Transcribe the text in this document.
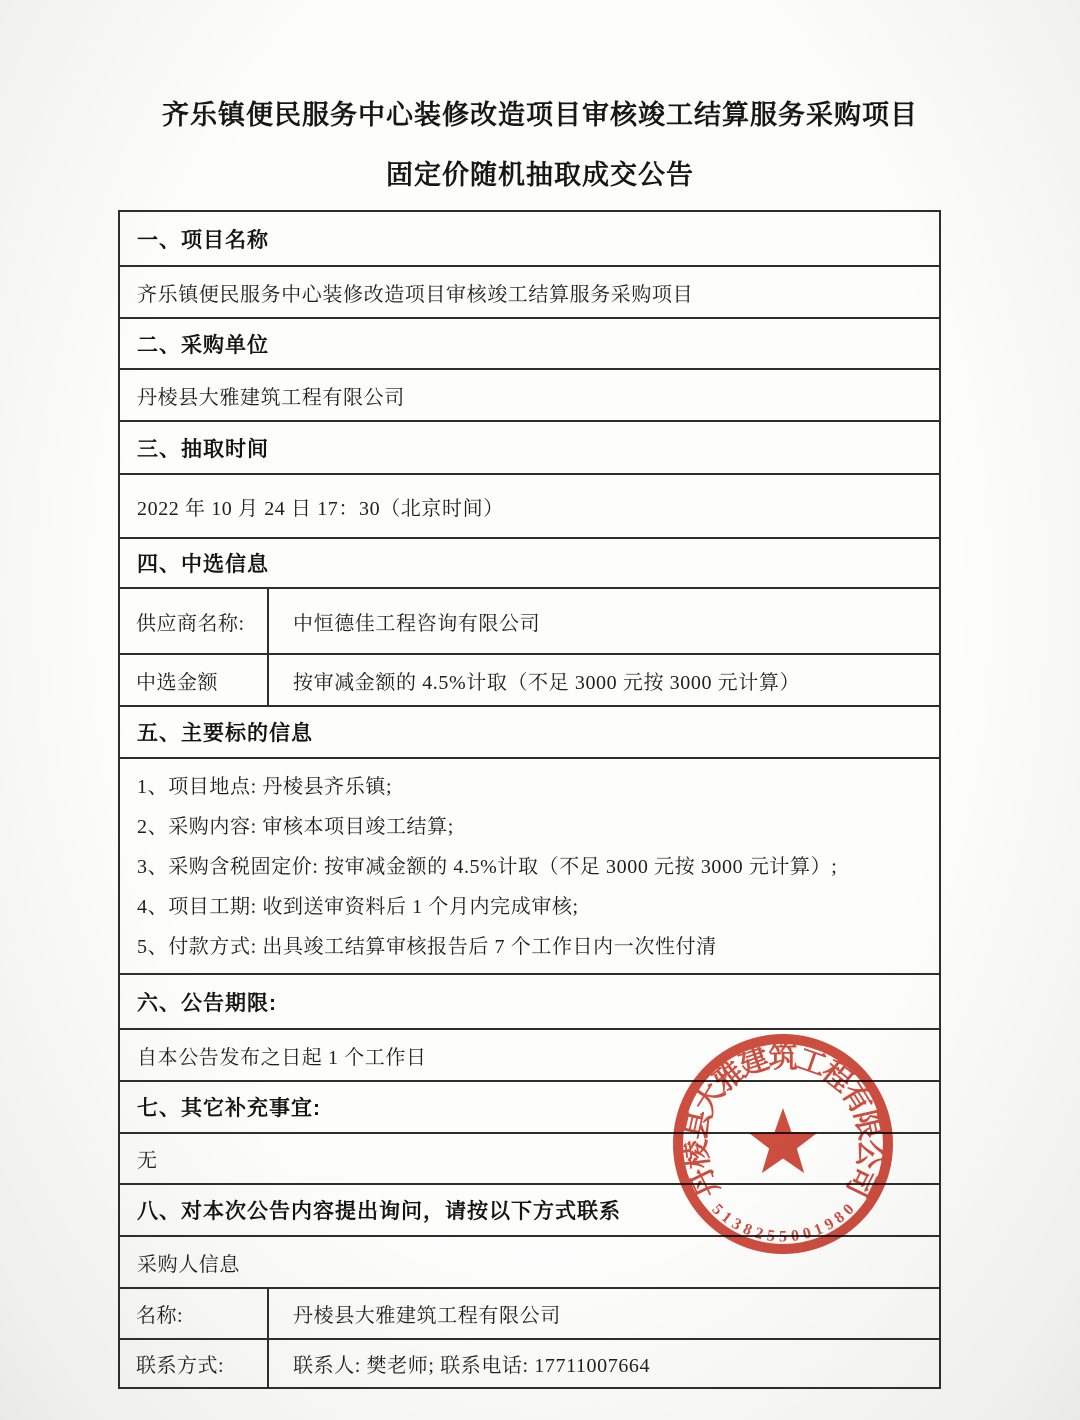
齐乐镇便民服务中心装修改造项目审核竣工结算服务采购项目
固定价随机抽取成交公告
一、项目名称
齐乐镇便民服务中心装修改造项目审核竣工结算服务采购项目
二、采购单位
丹棱县大雅建筑工程有限公司
三、抽取时间
2022 年 10 月 24 日 17：30（北京时间）
四、中选信息
供应商名称:	中恒德佳工程咨询有限公司
中选金额	按审减金额的 4.5%计取（不足 3000 元按 3000 元计算）
五、主要标的信息
1、项目地点: 丹棱县齐乐镇;
2、采购内容: 审核本项目竣工结算;
3、采购含税固定价: 按审减金额的 4.5%计取（不足 3000 元按 3000 元计算）;
4、项目工期: 收到送审资料后 1 个月内完成审核;
5、付款方式: 出具竣工结算审核报告后 7 个工作日内一次性付清
六、公告期限:
自本公告发布之日起 1 个工作日
七、其它补充事宜:
无
八、对本次公告内容提出询问，请按以下方式联系
采购人信息
名称:	丹棱县大雅建筑工程有限公司
联系方式:	联系人: 樊老师; 联系电话: 17711007664
丹
棱
县
大
雅
建
筑
工
程
有
限
公
司
5
1
3
8
2 5 5 0 0
1
9
8
0
